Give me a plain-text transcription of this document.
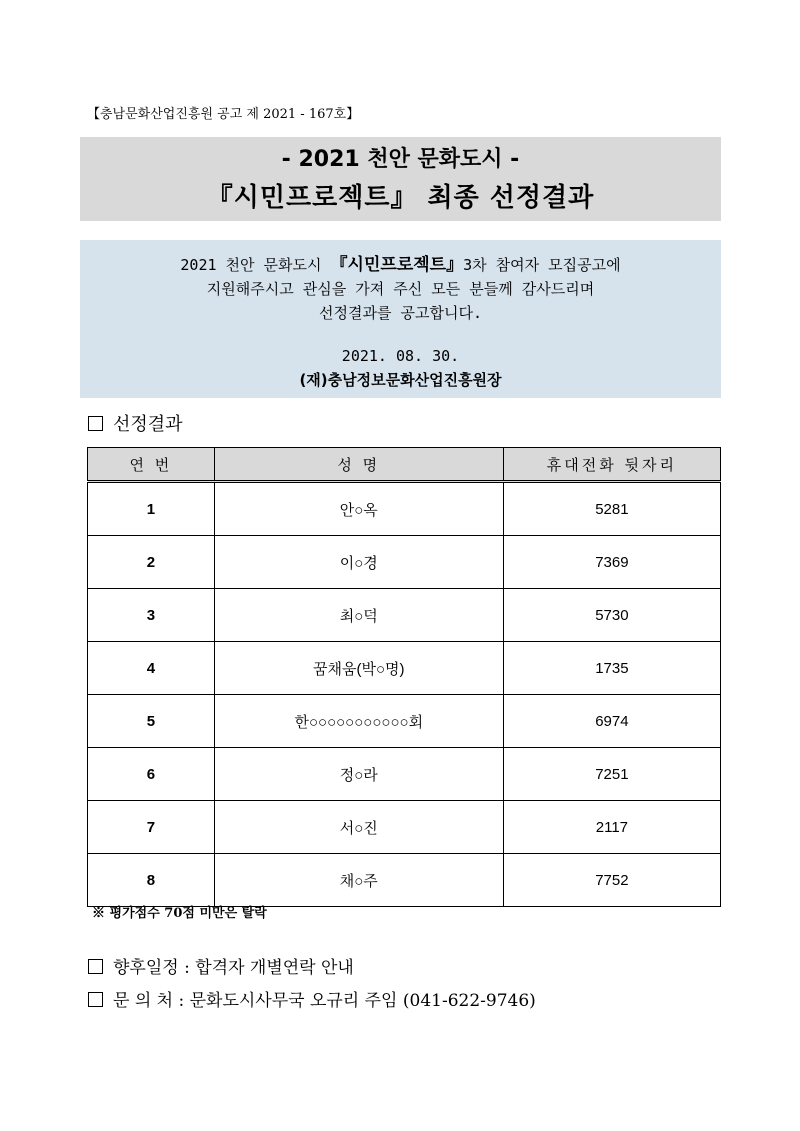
【충남문화산업진흥원 공고 제 2021 - 167호】
- 2021 천안 문화도시 -
『시민프로젝트』 최종 선정결과
2021 천안 문화도시 『시민프로젝트』3차 참여자 모집공고에
지원해주시고 관심을 가져 주신 모든 분들께 감사드리며
선정결과를 공고합니다.
2021. 08. 30.
(재)충남정보문화산업진흥원장
선정결과
연 번	성 명	휴대전화 뒷자리
1	안○옥	5281
2	이○경	7369
3	최○덕	5730
4	꿈채움(박○명)	1735
5	한○○○○○○○○○○○회	6974
6	정○라	7251
7	서○진	2117
8	채○주	7752
※ 평가점수 70점 미만은 탈락
향후일정 : 합격자 개별연락 안내
문 의 처 : 문화도시사무국 오규리 주임 (041-622-9746)
